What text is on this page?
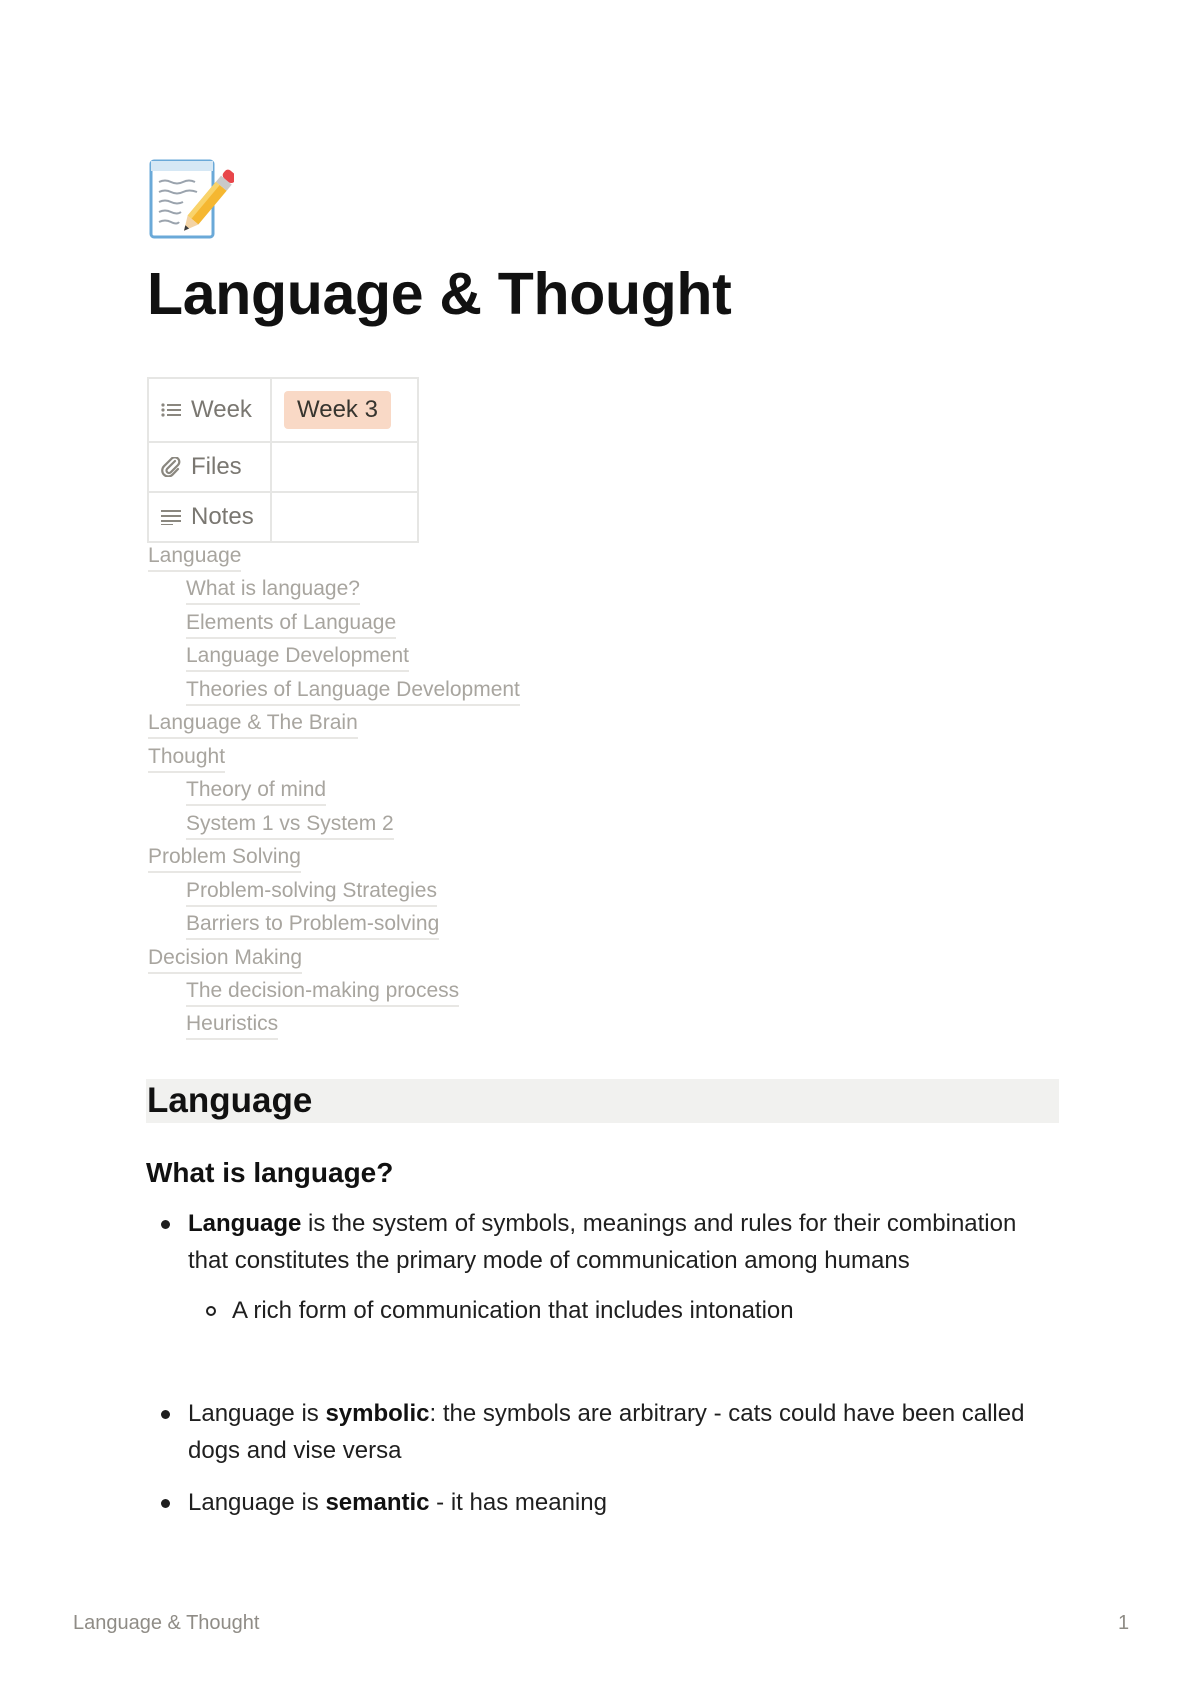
Language & Thought
Week	Week 3

Files	

Notes	

Language
What is language?
Elements of Language
Language Development
Theories of Language Development
Language & The Brain
Thought
Theory of mind
System 1 vs System 2
Problem Solving
Problem-solving Strategies
Barriers to Problem-solving
Decision Making
The decision-making process
Heuristics
Language
What is language?
Language is the system of symbols, meanings and rules for their combination
that constitutes the primary mode of communication among humans
A rich form of communication that includes intonation
Language is symbolic: the symbols are arbitrary - cats could have been called
dogs and vise versa
Language is semantic - it has meaning
Language & Thought	1
